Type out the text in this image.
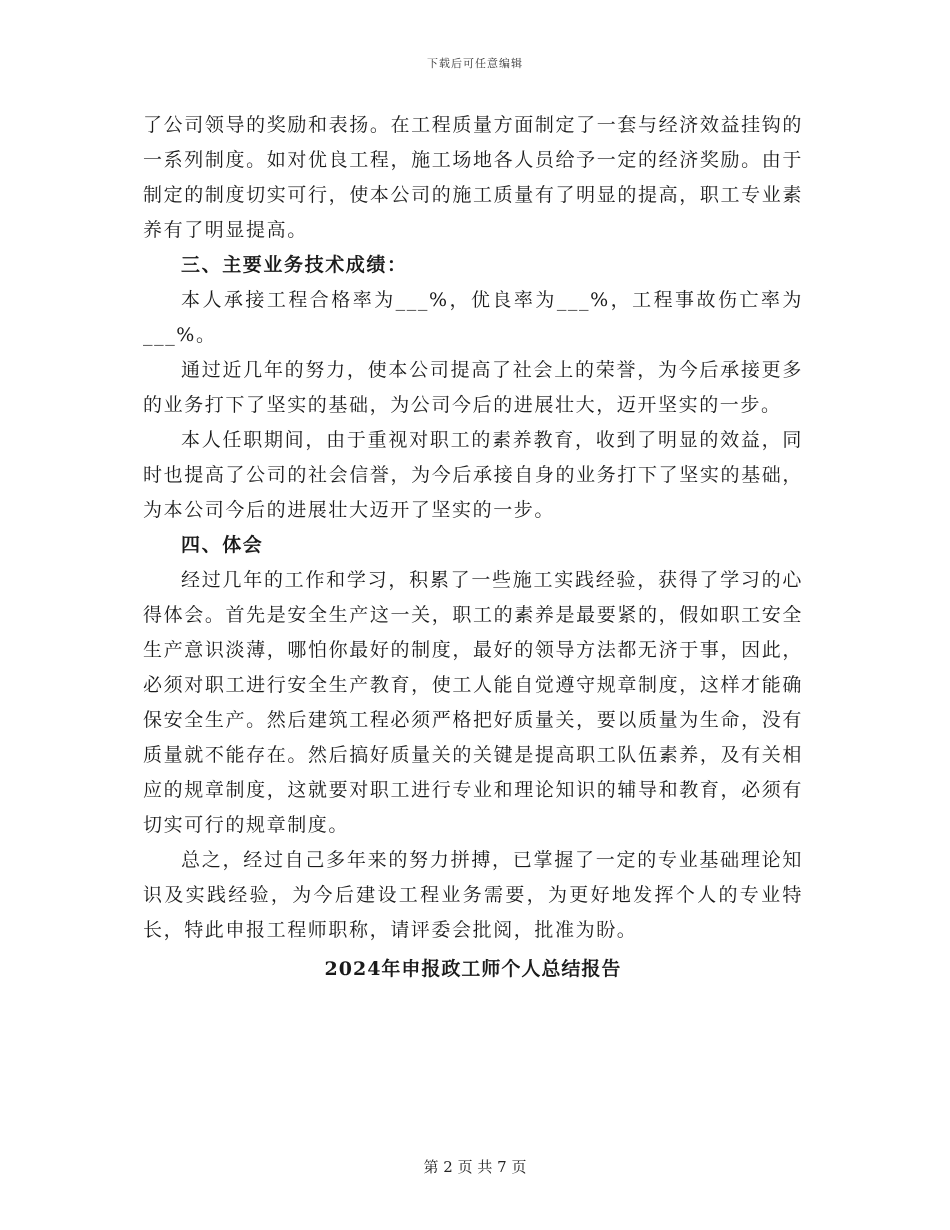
下载后可任意编辑

了公司领导的奖励和表扬。在工程质量方面制定了一套与经济效益挂钩的一系列制度。如对优良工程，施工场地各人员给予一定的经济奖励。由于制定的制度切实可行，使本公司的施工质量有了明显的提高，职工专业素养有了明显提高。

三、主要业务技术成绩：

本人承接工程合格率为___%，优良率为___%，工程事故伤亡率为___%。

通过近几年的努力，使本公司提高了社会上的荣誉，为今后承接更多的业务打下了坚实的基础，为公司今后的进展壮大，迈开坚实的一步。

本人任职期间，由于重视对职工的素养教育，收到了明显的效益，同时也提高了公司的社会信誉，为今后承接自身的业务打下了坚实的基础，为本公司今后的进展壮大迈开了坚实的一步。

四、体会

经过几年的工作和学习，积累了一些施工实践经验，获得了学习的心得体会。首先是安全生产这一关，职工的素养是最要紧的，假如职工安全生产意识淡薄，哪怕你最好的制度，最好的领导方法都无济于事，因此，必须对职工进行安全生产教育，使工人能自觉遵守规章制度，这样才能确保安全生产。然后建筑工程必须严格把好质量关，要以质量为生命，没有质量就不能存在。然后搞好质量关的关键是提高职工队伍素养，及有关相应的规章制度，这就要对职工进行专业和理论知识的辅导和教育，必须有切实可行的规章制度。

总之，经过自己多年来的努力拼搏，已掌握了一定的专业基础理论知识及实践经验，为今后建设工程业务需要，为更好地发挥个人的专业特长，特此申报工程师职称，请评委会批阅，批准为盼。

2024年申报政工师个人总结报告

第 2 页 共 7 页
